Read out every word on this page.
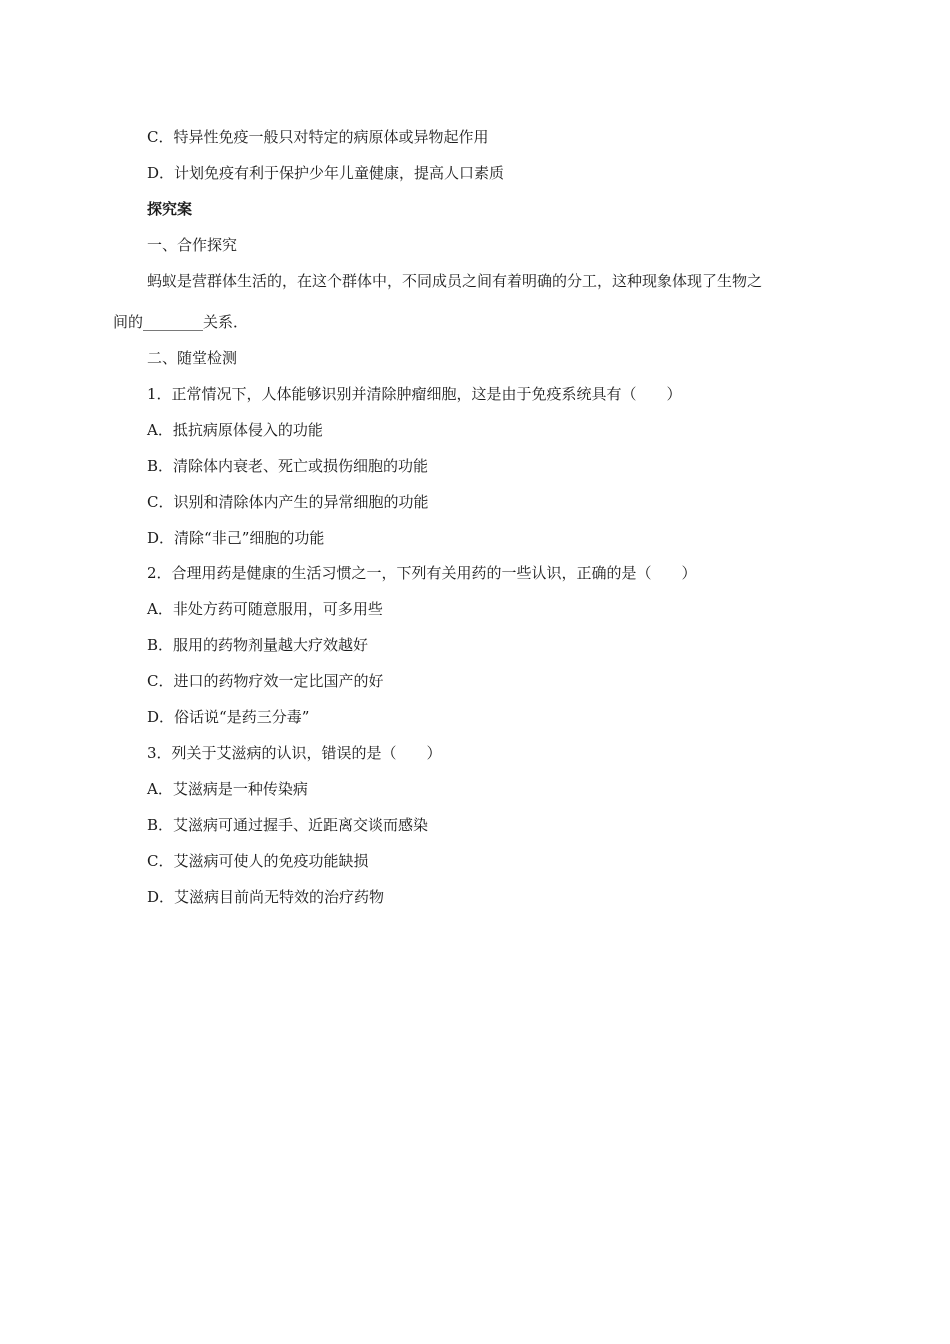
C．特异性免疫一般只对特定的病原体或异物起作用
D．计划免疫有利于保护少年儿童健康，提高人口素质
探究案
一、合作探究
蚂蚁是营群体生活的，在这个群体中，不同成员之间有着明确的分工，这种现象体现了生物之
间的________关系．
二、随堂检测
1．正常情况下，人体能够识别并清除肿瘤细胞，这是由于免疫系统具有（　　）
A．抵抗病原体侵入的功能
B．清除体内衰老、死亡或损伤细胞的功能
C．识别和清除体内产生的异常细胞的功能
D．清除“非己”细胞的功能
2．合理用药是健康的生活习惯之一，下列有关用药的一些认识，正确的是（　　）
A．非处方药可随意服用，可多用些
B．服用的药物剂量越大疗效越好
C．进口的药物疗效一定比国产的好
D．俗话说“是药三分毒”
3．列关于艾滋病的认识，错误的是（　　）
A．艾滋病是一种传染病
B．艾滋病可通过握手、近距离交谈而感染
C．艾滋病可使人的免疫功能缺损
D．艾滋病目前尚无特效的治疗药物
